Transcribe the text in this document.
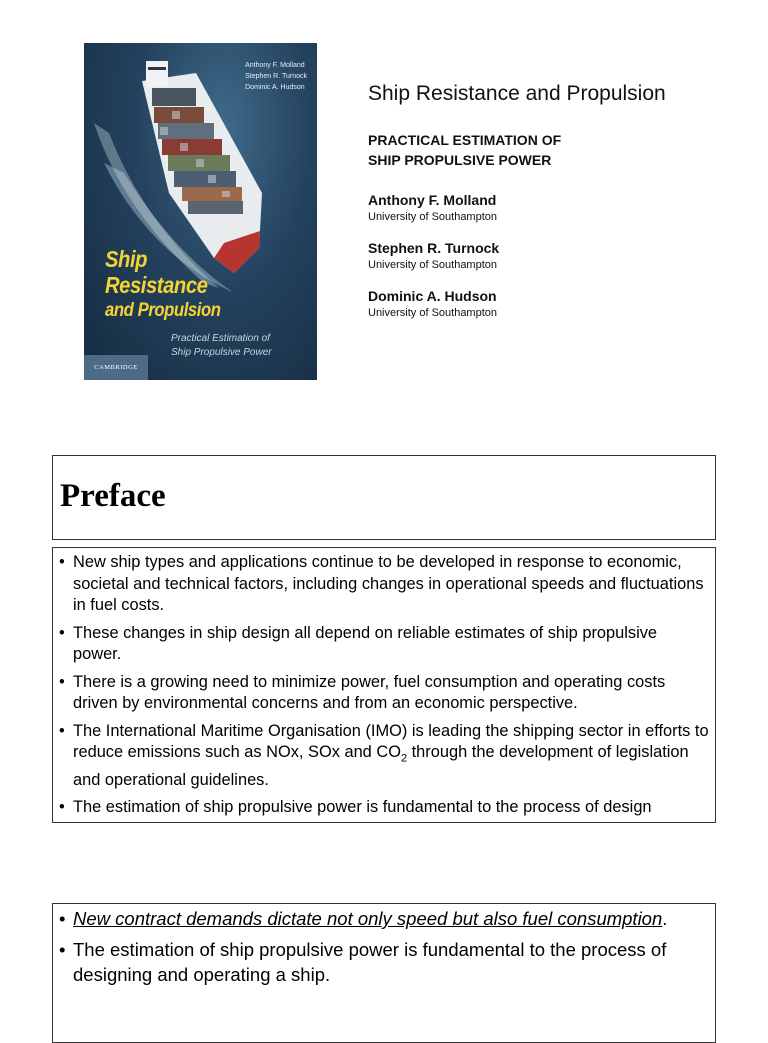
Anthony F. Molland
Stephen R. Turnock
Dominic A. Hudson
Ship
Resistance
and Propulsion
Practical Estimation of
Ship Propulsive Power
CAMBRIDGE
Ship Resistance and Propulsion
PRACTICAL ESTIMATION OF
SHIP PROPULSIVE POWER
Anthony F. Molland
University of Southampton
Stephen R. Turnock
University of Southampton
Dominic A. Hudson
University of Southampton
Preface
• New ship types and applications continue to be developed in response to economic, societal and technical factors, including changes in operational speeds and fluctuations in fuel costs.
• These changes in ship design all depend on reliable estimates of ship propulsive power.
• There is a growing need to minimize power, fuel consumption and operating costs driven by environmental concerns and from an economic perspective.
• The International Maritime Organisation (IMO) is leading the shipping sector in efforts to reduce emissions such as NOx, SOx and $CO_2$ through the development of legislation and operational guidelines.
• The estimation of ship propulsive power is fundamental to the process of design
• New contract demands dictate not only speed but also fuel consumption.
• The estimation of ship propulsive power is fundamental to the process of designing and operating a ship.
